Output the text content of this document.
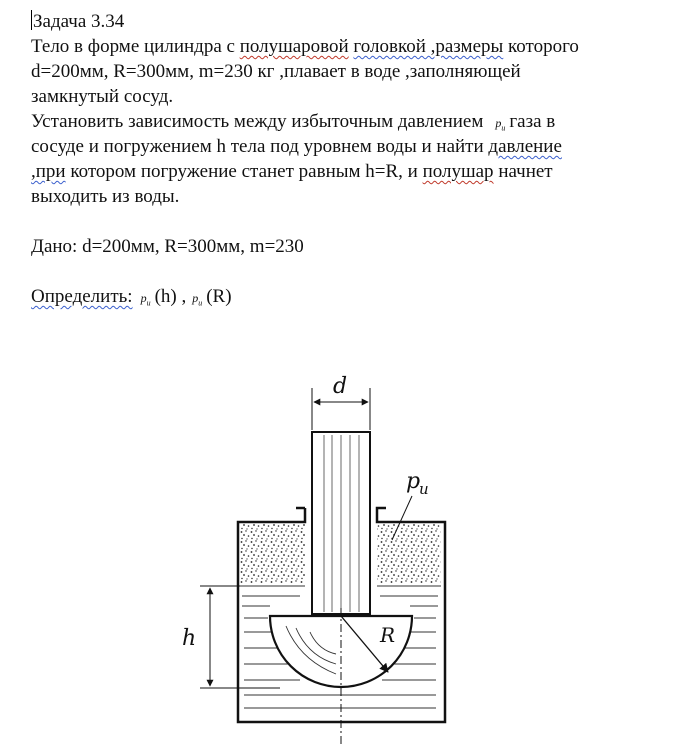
Задача 3.34
Тело в форме цилиндра с полушаровой головкой ,размеры которого
d=200мм, R=300мм, m=230 кг ,плавает в воде ,заполняющей
замкнутый сосуд.
Установить зависимость между избыточным давлением $p_u$ газа в
сосуде и погружением h тела под уровнем воды и найти давление
,при котором погружение станет равным h=R, и полушар начнет
выходить из воды.
Дано: d=200мм, R=300мм, m=230
Определить: $p_u$ (h) , $p_u$ (R)
R
d
p
u
h
